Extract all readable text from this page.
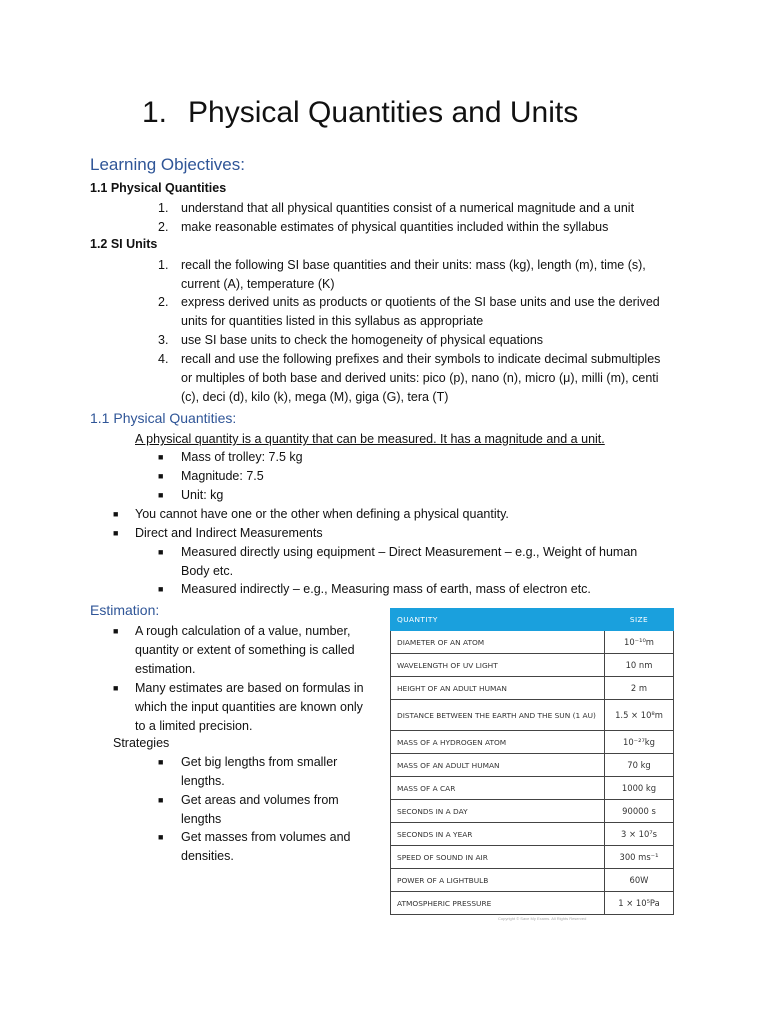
1. Physical Quantities and Units
Learning Objectives:
1.1 Physical Quantities
1. understand that all physical quantities consist of a numerical magnitude and a unit
2. make reasonable estimates of physical quantities included within the syllabus
1.2 SI Units
1. recall the following SI base quantities and their units: mass (kg), length (m), time (s),
current (A), temperature (K)
2. express derived units as products or quotients of the SI base units and use the derived
units for quantities listed in this syllabus as appropriate
3. use SI base units to check the homogeneity of physical equations
4. recall and use the following prefixes and their symbols to indicate decimal submultiples
or multiples of both base and derived units: pico (p), nano (n), micro (μ), milli (m), centi
(c), deci (d), kilo (k), mega (M), giga (G), tera (T)
1.1 Physical Quantities:
A physical quantity is a quantity that can be measured. It has a magnitude and a unit.
■ Mass of trolley: 7.5 kg
■ Magnitude: 7.5
■ Unit: kg
■ You cannot have one or the other when defining a physical quantity.
■ Direct and Indirect Measurements
■ Measured directly using equipment – Direct Measurement – e.g., Weight of human
Body etc.
■ Measured indirectly – e.g., Measuring mass of earth, mass of electron etc.
Estimation:
■ A rough calculation of a value, number,
quantity or extent of something is called
estimation.
■ Many estimates are based on formulas in
which the input quantities are known only
to a limited precision.
Strategies
■ Get big lengths from smaller
lengths.
■ Get areas and volumes from
lengths
■ Get masses from volumes and
densities.
QUANTITY	SIZE
DIAMETER OF AN ATOM	10⁻¹⁰m
WAVELENGTH OF UV LIGHT	10 nm
HEIGHT OF AN ADULT HUMAN	2 m
DISTANCE BETWEEN THE EARTH AND THE SUN (1 AU)	1.5 × 10⁸m
MASS OF A HYDROGEN ATOM	10⁻²⁷kg
MASS OF AN ADULT HUMAN	70 kg
MASS OF A CAR	1000 kg
SECONDS IN A DAY	90000 s
SECONDS IN A YEAR	3 × 10⁷s
SPEED OF SOUND IN AIR	300 ms⁻¹
POWER OF A LIGHTBULB	60W
ATMOSPHERIC PRESSURE	1 × 10⁵Pa
Copyright © Save My Exams. All Rights Reserved
